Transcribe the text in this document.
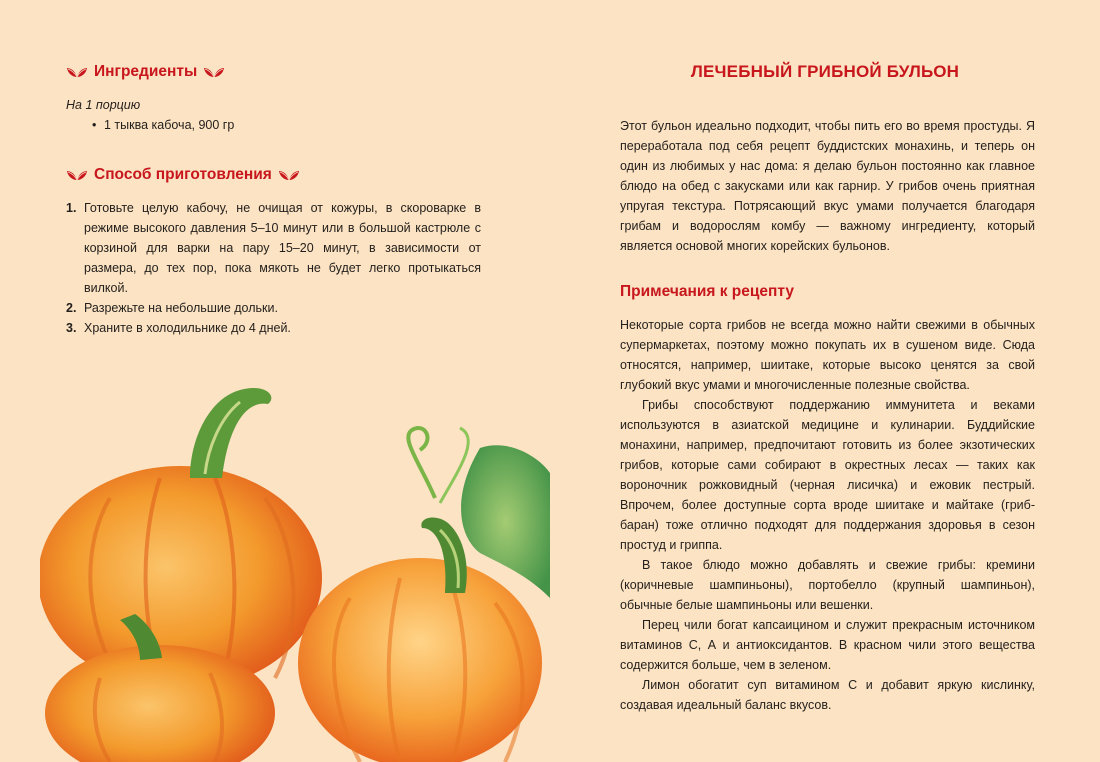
Ингредиенты
На 1 порцию
• 1 тыква кабоча, 900 гр
Способ приготовления
1. Готовьте целую кабочу, не очищая от кожуры, в скороварке в режиме высокого давления 5–10 минут или в большой кастрюле с корзиной для варки на пару 15–20 минут, в зависимости от размера, до тех пор, пока мякоть не будет легко протыкаться вилкой.
2. Разрежьте на небольшие дольки.
3. Храните в холодильнике до 4 дней.
ЛЕЧЕБНЫЙ ГРИБНОЙ БУЛЬОН
Этот бульон идеально подходит, чтобы пить его во время простуды. Я переработала под себя рецепт буддистских монахинь, и теперь он один из любимых у нас дома: я делаю бульон постоянно как главное блюдо на обед с закусками или как гарнир. У грибов очень приятная упругая текстура. Потрясающий вкус умами получается благодаря грибам и водорослям комбу — важному ингредиенту, который является основой многих корейских бульонов.
Примечания к рецепту

Некоторые сорта грибов не всегда можно найти свежими в обычных супермаркетах, поэтому можно покупать их в сушеном виде. Сюда относятся, например, шиитаке, которые высоко ценятся за свой глубокий вкус умами и многочисленные полезные свойства.

Грибы способствуют поддержанию иммунитета и веками используются в азиатской медицине и кулинарии. Буддийские монахини, например, предпочитают готовить из более экзотических грибов, которые сами собирают в окрестных лесах — таких как вороночник рожковидный (черная лисичка) и ежовик пестрый. Впрочем, более доступные сорта вроде шиитаке и майтаке (гриб-баран) тоже отлично подходят для поддержания здоровья в сезон простуд и гриппа.

В такое блюдо можно добавлять и свежие грибы: кремини (коричневые шампиньоны), портобелло (крупный шампиньон), обычные белые шампиньоны или вешенки.

Перец чили богат капсаицином и служит прекрасным источником витаминов С, А и антиоксидантов. В красном чили этого вещества содержится больше, чем в зеленом.

Лимон обогатит суп витамином С и добавит яркую кислинку, создавая идеальный баланс вкусов.
